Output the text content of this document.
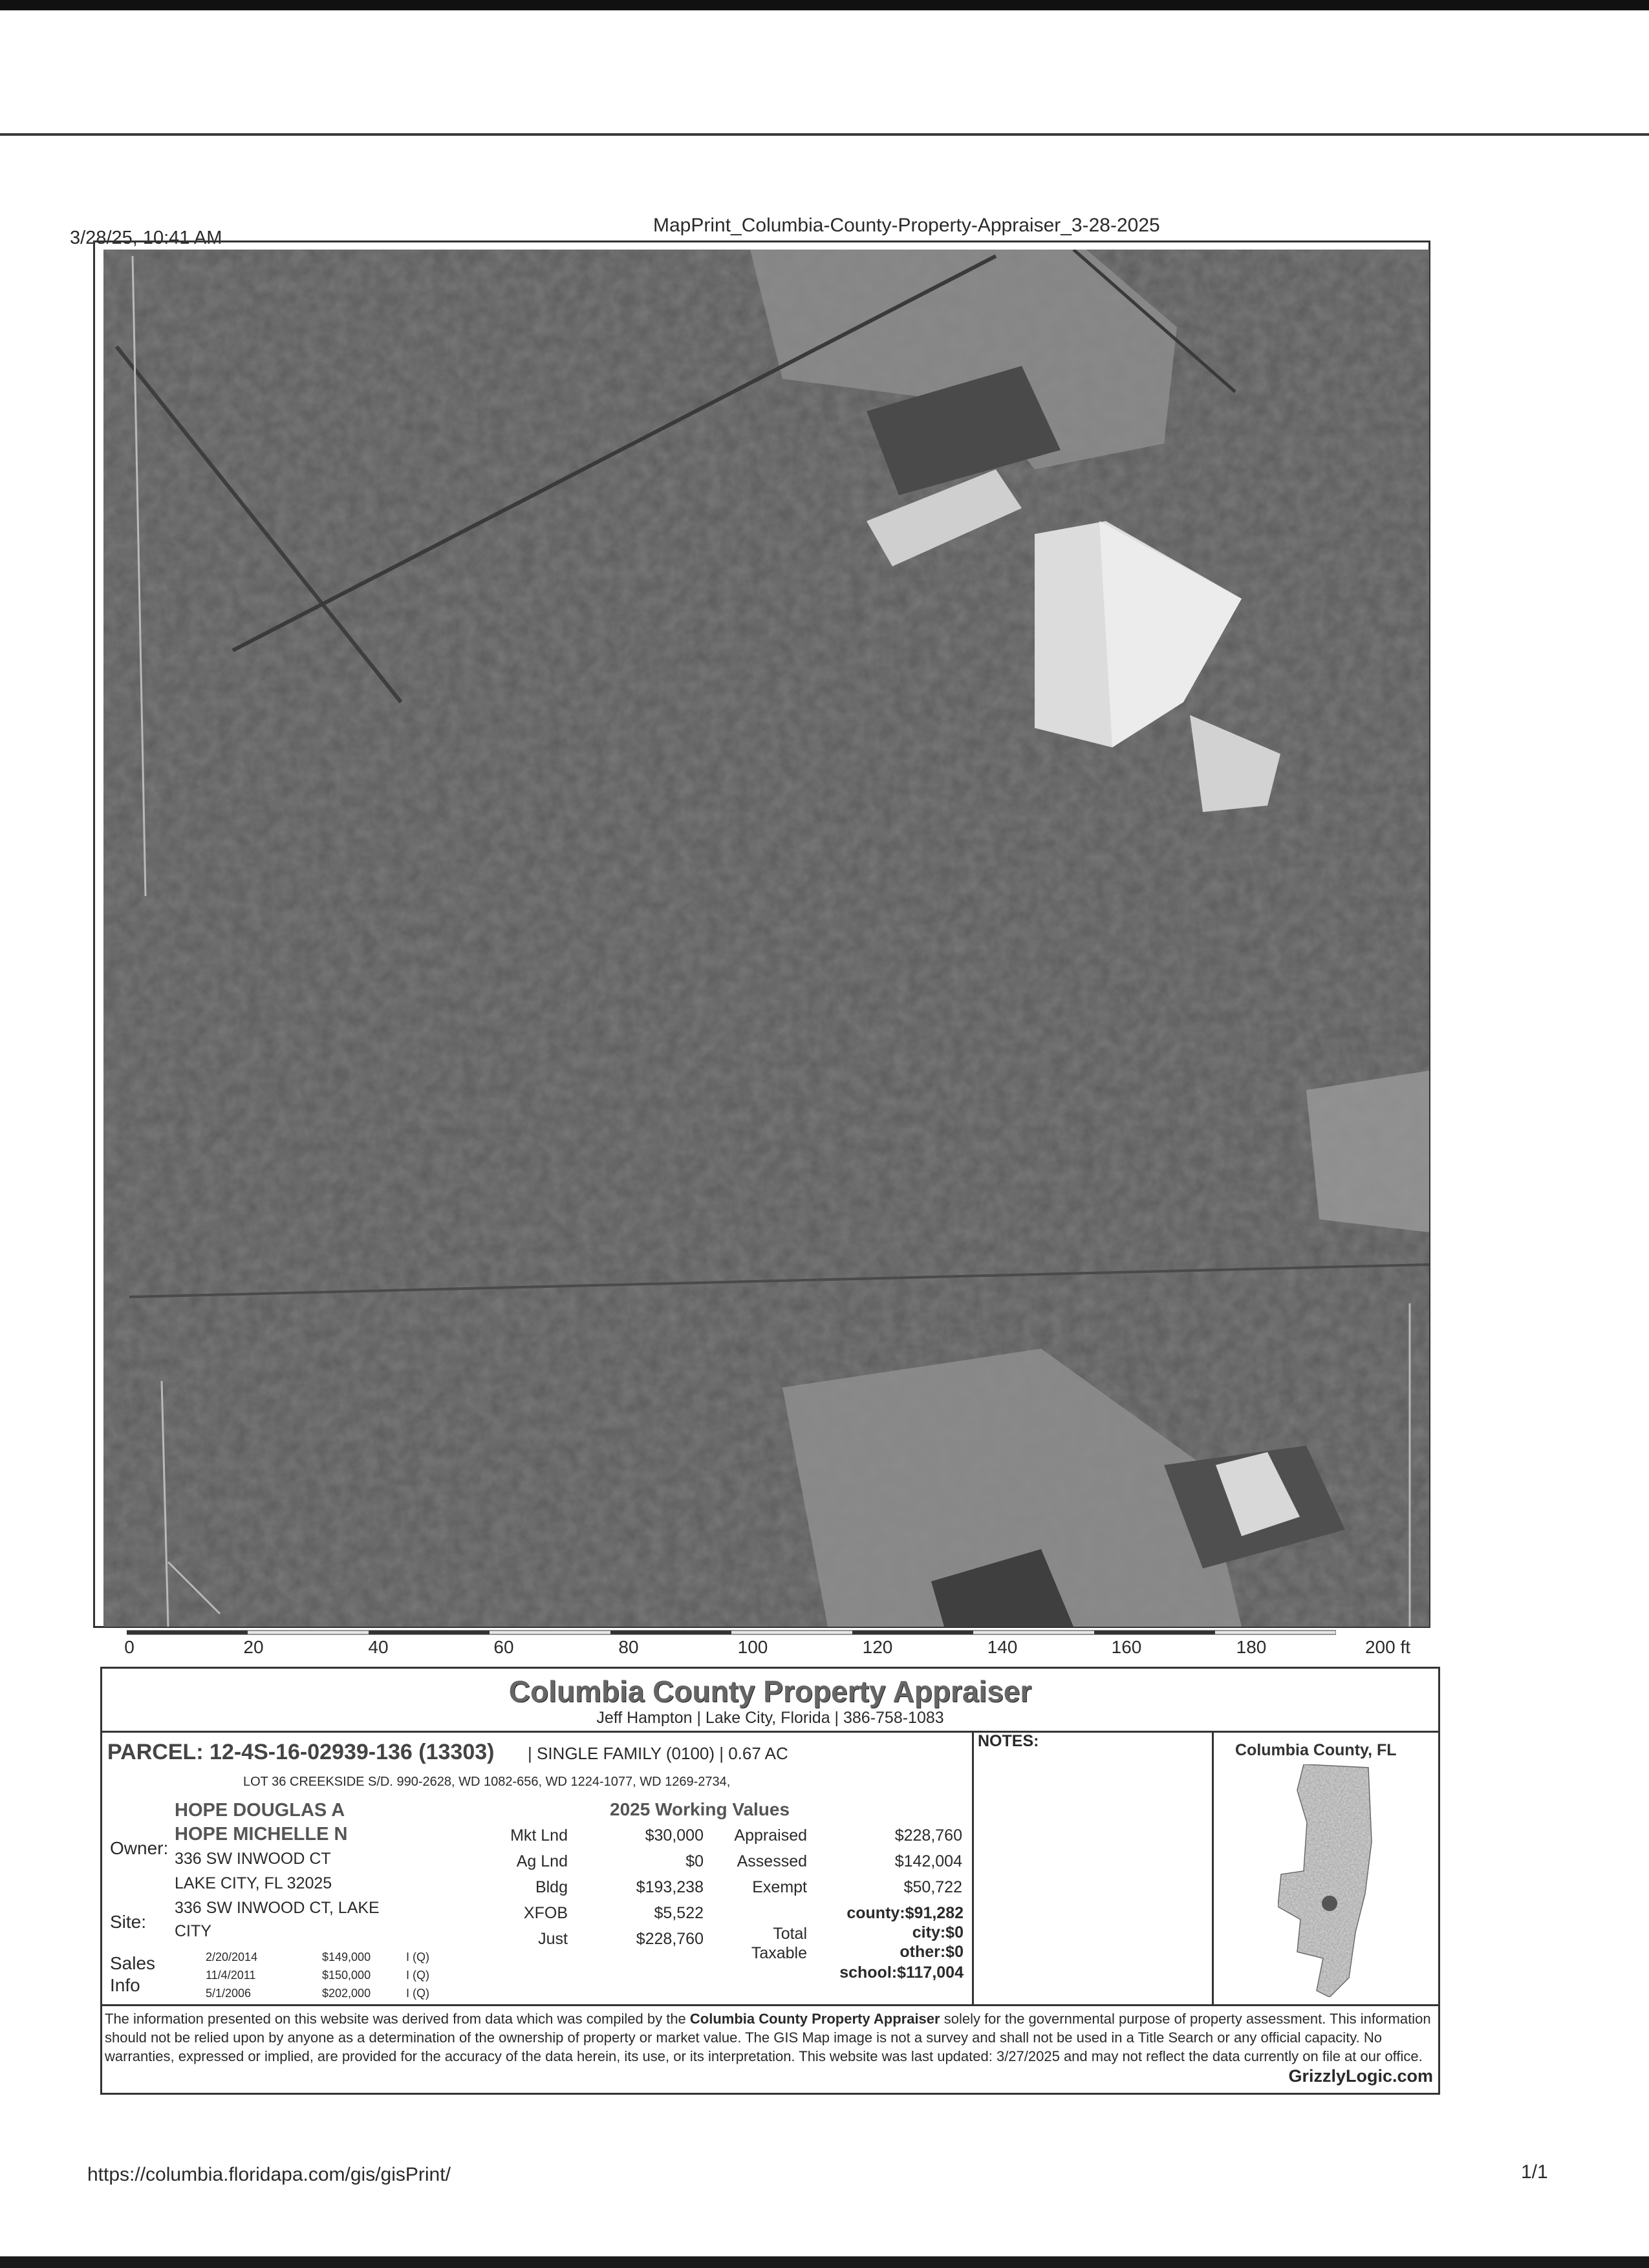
3/28/25, 10:41 AM
MapPrint_Columbia-County-Property-Appraiser_3-28-2025
0	20	40	60	80	100	120	140	160	180	200 ft
Columbia County Property Appraiser
Jeff Hampton | Lake City, Florida | 386-758-1083
PARCEL: 12-4S-16-02939-136 (13303) | SINGLE FAMILY (0100) | 0.67 AC
LOT 36 CREEKSIDE S/D. 990-2628, WD 1082-656, WD 1224-1077, WD 1269-2734,
Owner:
HOPE DOUGLAS A
HOPE MICHELLE N
336 SW INWOOD CT
LAKE CITY, FL 32025
Site:
336 SW INWOOD CT, LAKE
CITY
Sales
Info
2/20/2014	$149,000	I (Q)
11/4/2011	$150,000	I (Q)
5/1/2006	$202,000	I (Q)
2025 Working Values
Mkt Lnd	$30,000
Ag Lnd	$0
Bldg	$193,238
XFOB	$5,522
Just	$228,760
Appraised	$228,760
Assessed	$142,004
Exempt	$50,722
Total
Taxable
county:$91,282
city:$0
other:$0
school:$117,004
NOTES:	Columbia County, FL
The information presented on this website was derived from data which was compiled by the Columbia County Property Appraiser solely for the governmental purpose of property assessment. This information should not be relied upon by anyone as a determination of the ownership of property or market value. The GIS Map image is not a survey and shall not be used in a Title Search or any official capacity. No warranties, expressed or implied, are provided for the accuracy of the data herein, its use, or its interpretation. This website was last updated: 3/27/2025 and may not reflect the data currently on file at our office.
GrizzlyLogic.com
https://columbia.floridapa.com/gis/gisPrint/	1/1
